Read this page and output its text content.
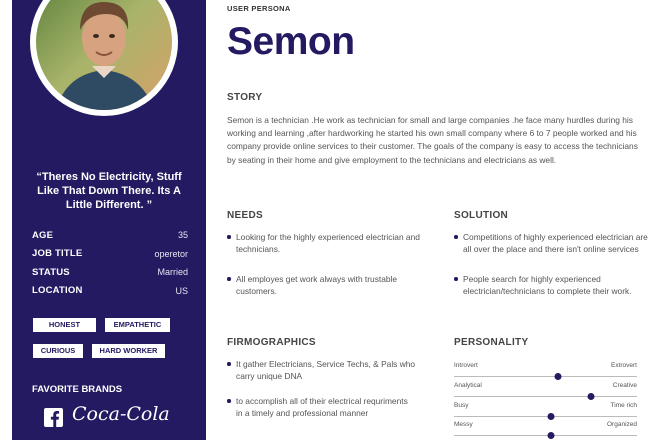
“Theres No Electricity, Stuff Like That Down There. Its A Little Different. ”
AGE	35
JOB TITLE	operetor
STATUS	Married
LOCATION	US
HONEST	EMPATHETIC
CURIOUS	HARD WORKER
FAVORITE BRANDS
Coca-Cola
USER PERSONA
Semon
STORY
Semon is a technician .He work as technician for small and large companies .he face many hurdles during his working and learning ,after hardworking he started his own small company where 6 to 7 people worked and his company provide online services to their customer. The goals of the company is easy to access the technicians by seating in their home and give employment to the technicians and electricians as well.
NEEDS
Looking for the highly experienced electrician and technicians.
All employes get work always with trustable customers.
SOLUTION
Competitions of highly experienced electrician are all over the place and there isn't online services
People search for highly experienced electrician/technicians to complete their work.
FIRMOGRAPHICS
It gather Electricians, Service Techs, & Pals who carry unique DNA
to accomplish all of their electrical requriments in a timely and professional manner
PERSONALITY
Introvert	Extrovert
Analytical	Creative
Busy	Time rich
Messy	Organized
